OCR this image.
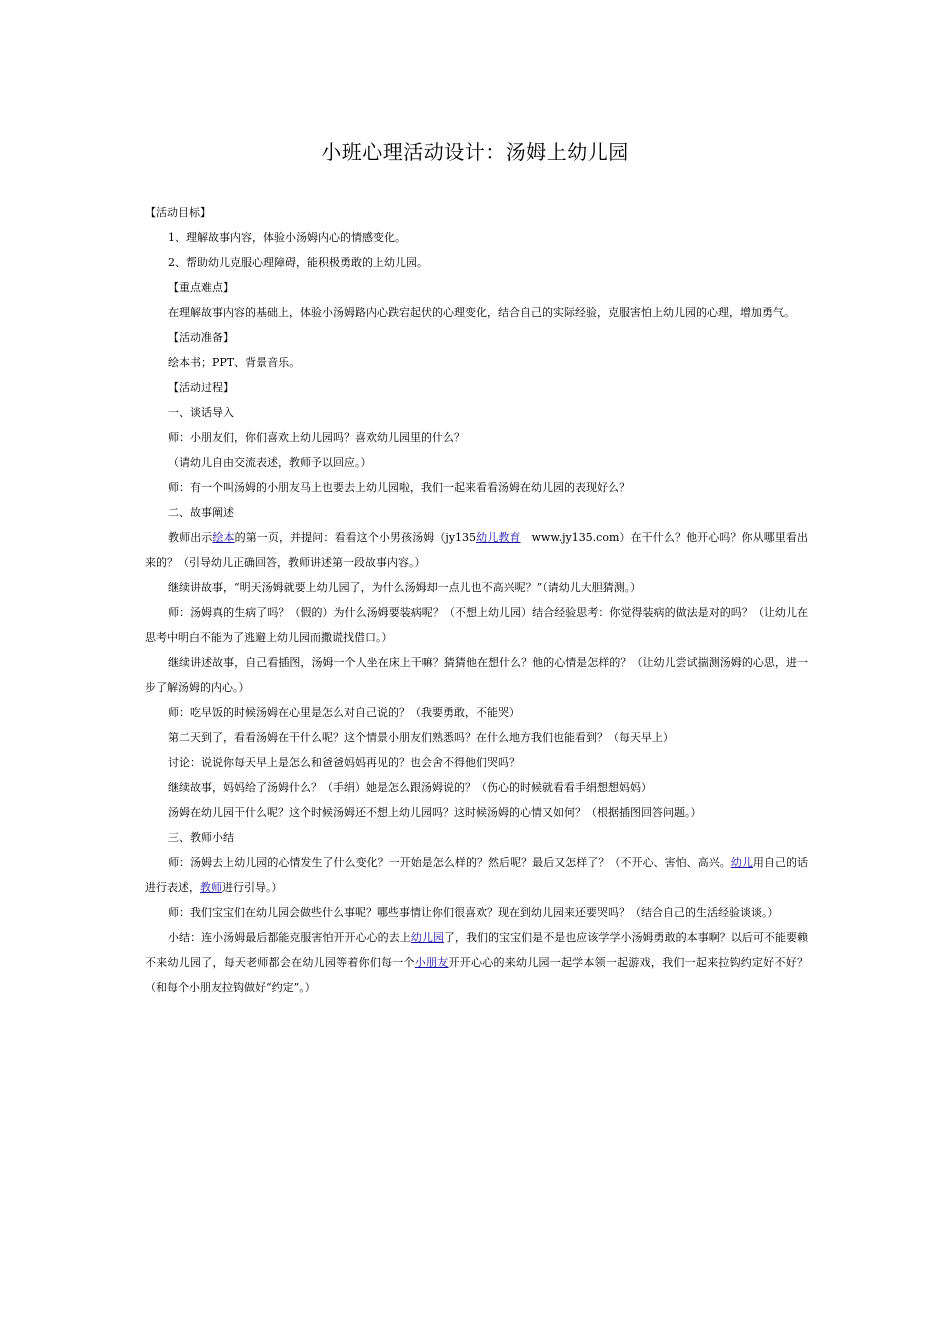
小班心理活动设计：汤姆上幼儿园

【活动目标】

1、理解故事内容，体验小汤姆内心的情感变化。

2、帮助幼儿克服心理障碍，能积极勇敢的上幼儿园。

【重点难点】

在理解故事内容的基础上，体验小汤姆路内心跌宕起伏的心理变化，结合自己的实际经验，克服害怕上幼儿园的心理，增加勇气。

【活动准备】

绘本书；PPT、背景音乐。

【活动过程】

一、谈话导入

师：小朋友们，你们喜欢上幼儿园吗？喜欢幼儿园里的什么？

（请幼儿自由交流表述，教师予以回应。）

师：有一个叫汤姆的小朋友马上也要去上幼儿园啦，我们一起来看看汤姆在幼儿园的表现好么？

二、故事阐述

教师出示绘本的第一页，并提问：看看这个小男孩汤姆（jy135幼儿教育　www.jy135.com）在干什么？他开心吗？你从哪里看出来的？（引导幼儿正确回答，教师讲述第一段故事内容。）

继续讲故事，“明天汤姆就要上幼儿园了，为什么汤姆却一点儿也不高兴呢？”（请幼儿大胆猜测。）

师：汤姆真的生病了吗？（假的）为什么汤姆要装病呢？（不想上幼儿园）结合经验思考：你觉得装病的做法是对的吗？（让幼儿在思考中明白不能为了逃避上幼儿园而撒谎找借口。）

继续讲述故事，自己看插图，汤姆一个人坐在床上干嘛？猜猜他在想什么？他的心情是怎样的？（让幼儿尝试揣测汤姆的心思，进一步了解汤姆的内心。）

师：吃早饭的时候汤姆在心里是怎么对自己说的？（我要勇敢，不能哭）

第二天到了，看看汤姆在干什么呢？这个情景小朋友们熟悉吗？在什么地方我们也能看到？（每天早上）

讨论：说说你每天早上是怎么和爸爸妈妈再见的？也会舍不得他们哭吗？

继续故事，妈妈给了汤姆什么？（手绢）她是怎么跟汤姆说的？（伤心的时候就看看手绢想想妈妈）

汤姆在幼儿园干什么呢？这个时候汤姆还不想上幼儿园吗？这时候汤姆的心情又如何？（根据插图回答问题。）

三、教师小结

师：汤姆去上幼儿园的心情发生了什么变化？一开始是怎么样的？然后呢？最后又怎样了？（不开心、害怕、高兴。幼儿用自己的话进行表述，教师进行引导。）

师：我们宝宝们在幼儿园会做些什么事呢？哪些事情让你们很喜欢？现在到幼儿园来还要哭吗？（结合自己的生活经验谈谈。）

小结：连小汤姆最后都能克服害怕开开心心的去上幼儿园了，我们的宝宝们是不是也应该学学小汤姆勇敢的本事啊？以后可不能要赖不来幼儿园了，每天老师都会在幼儿园等着你们每一个小朋友开开心心的来幼儿园一起学本领一起游戏，我们一起来拉钩约定好不好？（和每个小朋友拉钩做好“约定”。）
